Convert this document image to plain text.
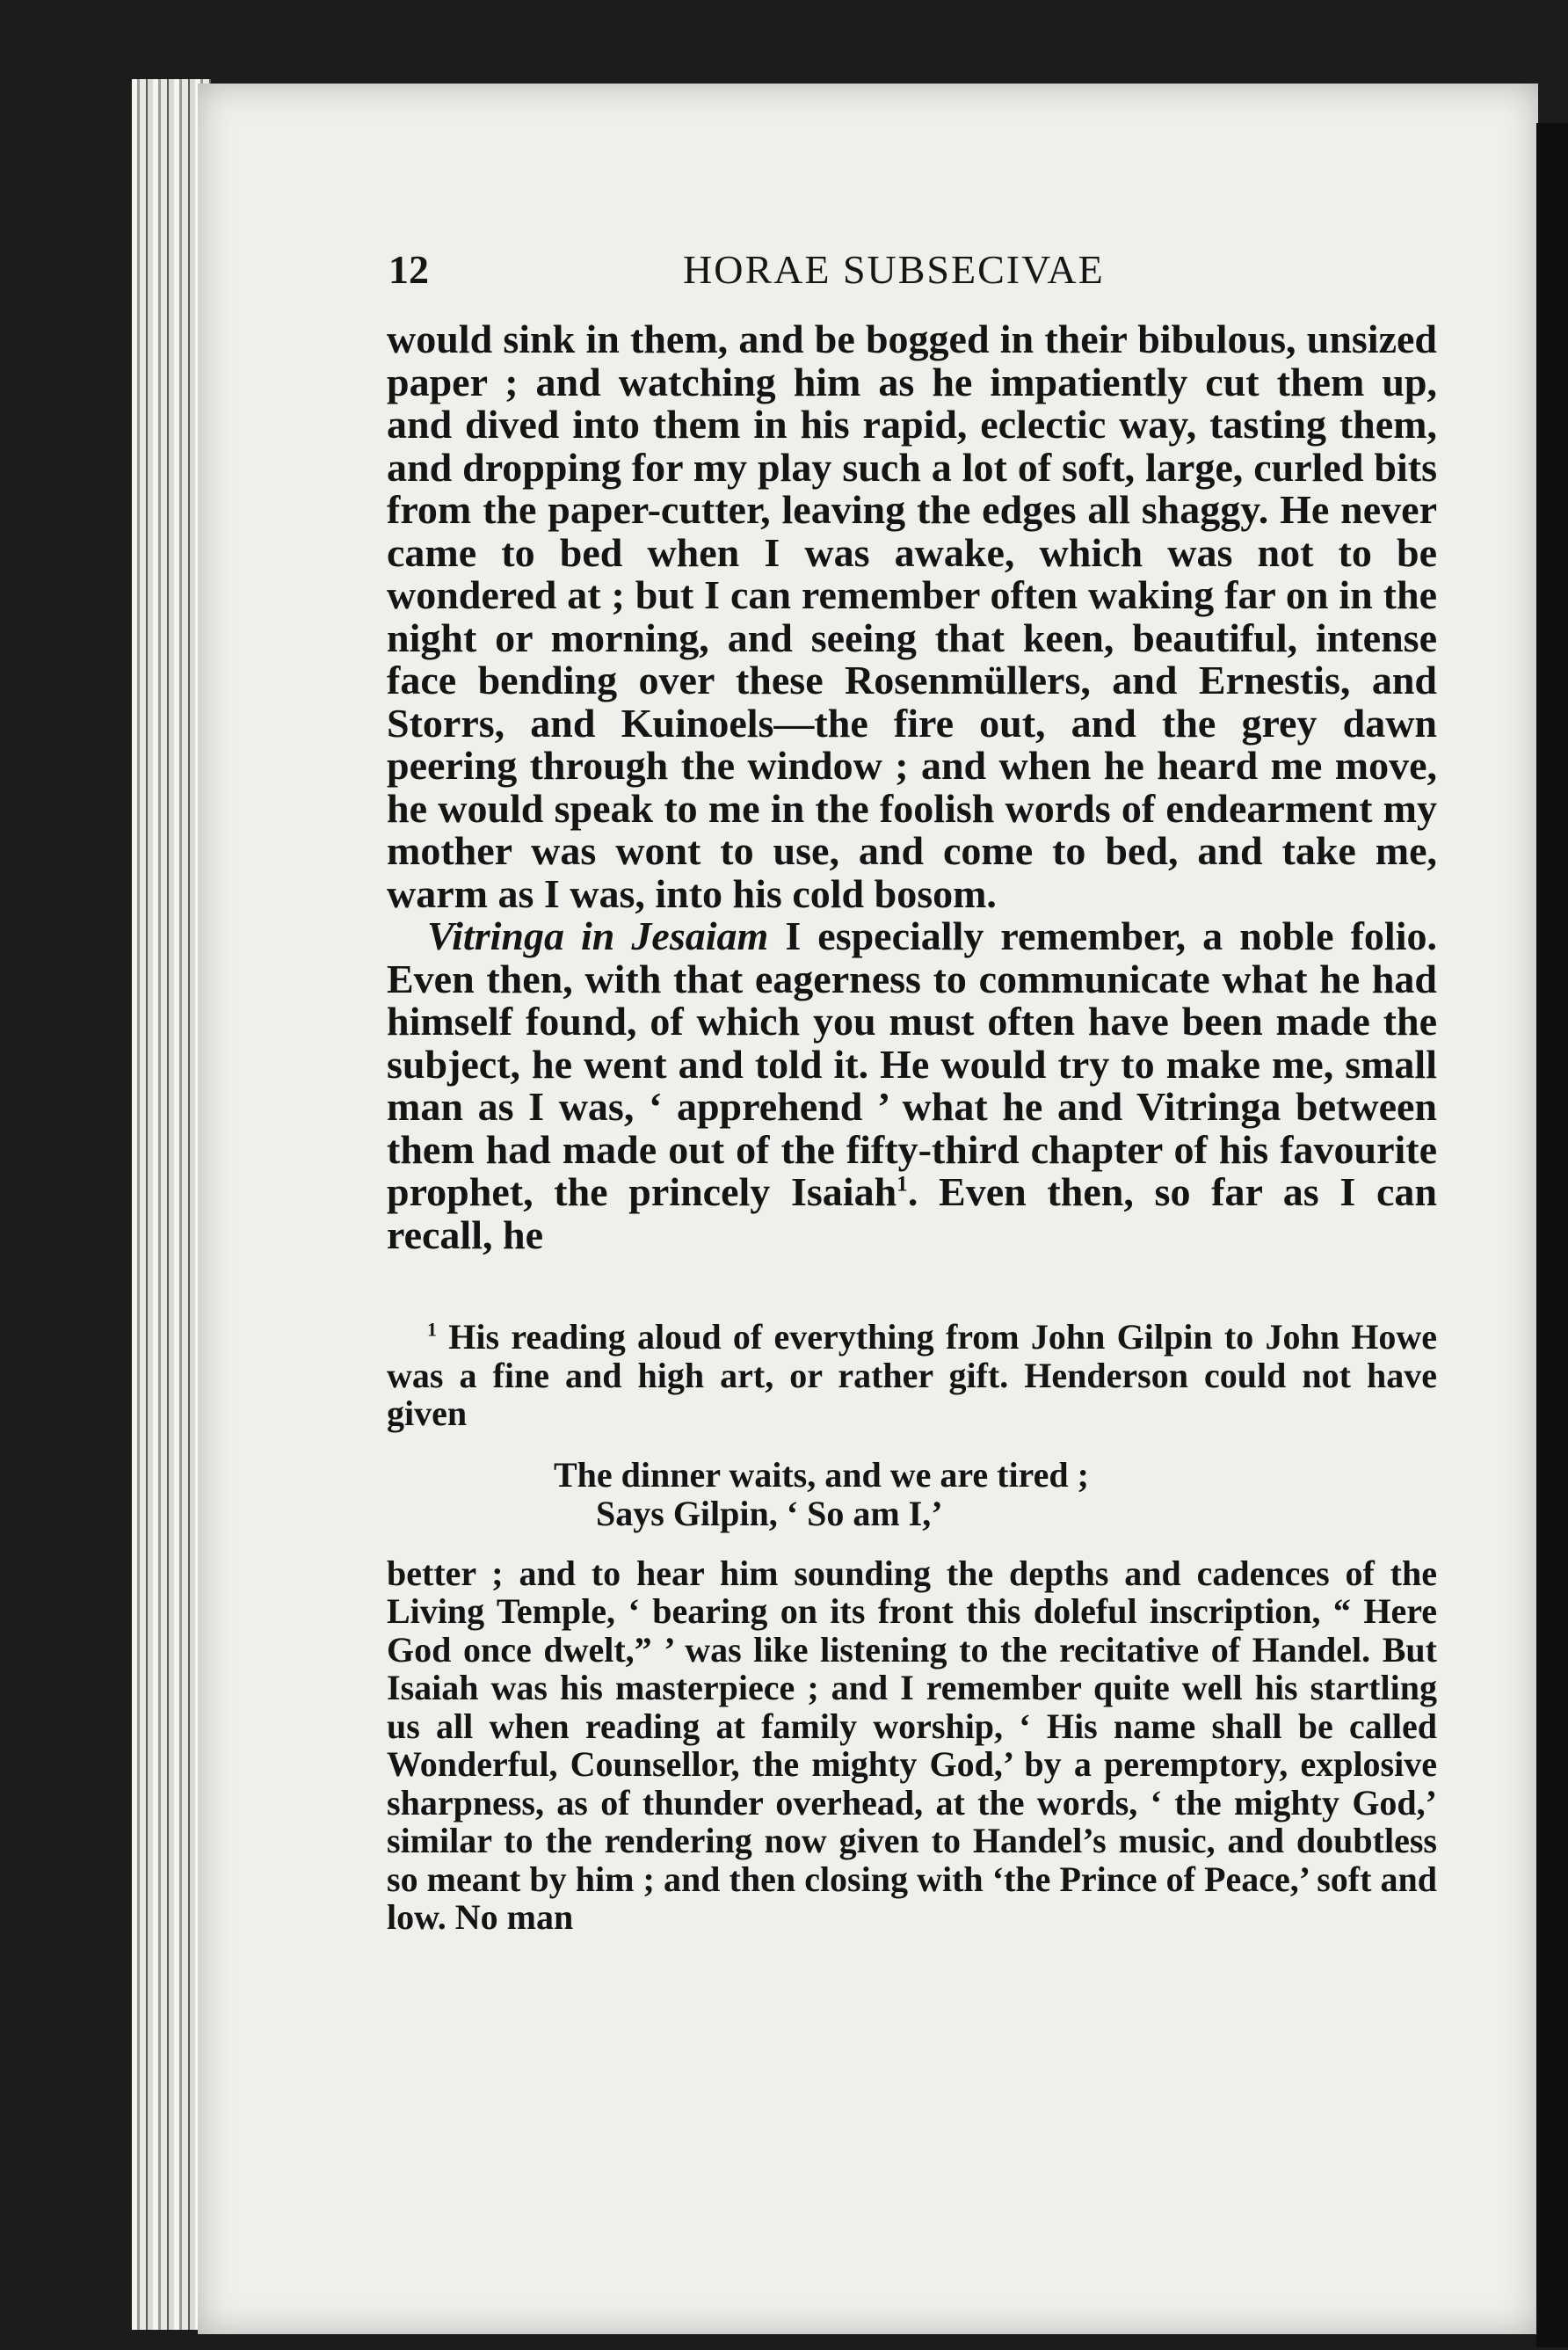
12	HORAE SUBSECIVAE

would sink in them, and be bogged in their bibulous, unsized paper ; and watching him as he impatiently cut them up, and dived into them in his rapid, eclectic way, tasting them, and dropping for my play such a lot of soft, large, curled bits from the paper-cutter, leaving the edges all shaggy. He never came to bed when I was awake, which was not to be wondered at ; but I can remember often waking far on in the night or morning, and seeing that keen, beautiful, intense face bending over these Rosenmüllers, and Ernestis, and Storrs, and Kuinoels—the fire out, and the grey dawn peering through the window ; and when he heard me move, he would speak to me in the foolish words of endearment my mother was wont to use, and come to bed, and take me, warm as I was, into his cold bosom.

Vitringa in Jesaiam I especially remember, a noble folio. Even then, with that eagerness to communicate what he had himself found, of which you must often have been made the subject, he went and told it. He would try to make me, small man as I was, ‘ apprehend ’ what he and Vitringa between them had made out of the fifty-third chapter of his favourite prophet, the princely Isaiah$^1$. Even then, so far as I can recall, he

$^1$ His reading aloud of everything from John Gilpin to John Howe was a fine and high art, or rather gift. Henderson could not have given

The dinner waits, and we are tired ;
Says Gilpin, ‘ So am I,’

better ; and to hear him sounding the depths and cadences of the Living Temple, ‘ bearing on its front this doleful inscription, “ Here God once dwelt,” ’ was like listening to the recitative of Handel. But Isaiah was his masterpiece ; and I remember quite well his startling us all when reading at family worship, ‘ His name shall be called Wonderful, Counsellor, the mighty God,’ by a peremptory, explosive sharpness, as of thunder overhead, at the words, ‘ the mighty God,’ similar to the rendering now given to Handel’s music, and doubtless so meant by him ; and then closing with ‘the Prince of Peace,’ soft and low. No man
